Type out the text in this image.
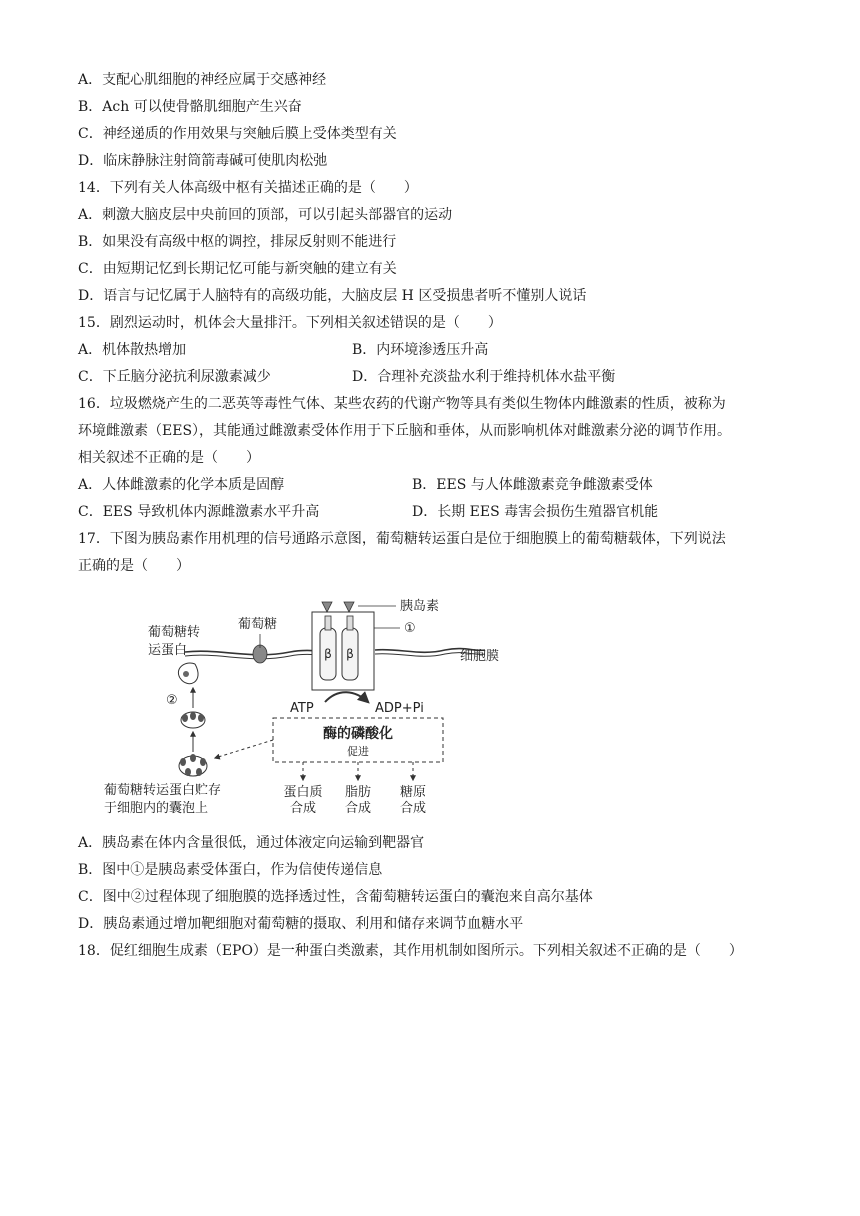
A．支配心肌细胞的神经应属于交感神经
B．Ach 可以使骨骼肌细胞产生兴奋
C．神经递质的作用效果与突触后膜上受体类型有关
D．临床静脉注射筒箭毒碱可使肌肉松弛
14．下列有关人体高级中枢有关描述正确的是（　　）
A．刺激大脑皮层中央前回的顶部，可以引起头部器官的运动
B．如果没有高级中枢的调控，排尿反射则不能进行
C．由短期记忆到长期记忆可能与新突触的建立有关
D．语言与记忆属于人脑特有的高级功能，大脑皮层 H 区受损患者听不懂别人说话
15．剧烈运动时，机体会大量排汗。下列相关叙述错误的是（　　）
A．机体散热增加	B．内环境渗透压升高
C．下丘脑分泌抗利尿激素减少	D．合理补充淡盐水利于维持机体水盐平衡
16．垃圾燃烧产生的二恶英等毒性气体、某些农药的代谢产物等具有类似生物体内雌激素的性质，被称为
环境雌激素（EES），其能通过雌激素受体作用于下丘脑和垂体，从而影响机体对雌激素分泌的调节作用。
相关叙述不正确的是（　　）
A．人体雌激素的化学本质是固醇	B．EES 与人体雌激素竞争雌激素受体
C．EES 导致机体内源雌激素水平升高	D．长期 EES 毒害会损伤生殖器官机能
17．下图为胰岛素作用机理的信号通路示意图，葡萄糖转运蛋白是位于细胞膜上的葡萄糖载体，下列说法
正确的是（　　）
β β
胰岛素
①
细胞膜
葡萄糖
葡萄糖转
运蛋白
②
ATP	ADP+Pi
酶的磷酸化
促进
蛋白质
合成
脂肪
合成
糖原
合成
葡萄糖转运蛋白贮存
于细胞内的囊泡上
A．胰岛素在体内含量很低，通过体液定向运输到靶器官
B．图中①是胰岛素受体蛋白，作为信使传递信息
C．图中②过程体现了细胞膜的选择透过性，含葡萄糖转运蛋白的囊泡来自高尔基体
D．胰岛素通过增加靶细胞对葡萄糖的摄取、利用和储存来调节血糖水平
18．促红细胞生成素（EPO）是一种蛋白类激素，其作用机制如图所示。下列相关叙述不正确的是（　　）
